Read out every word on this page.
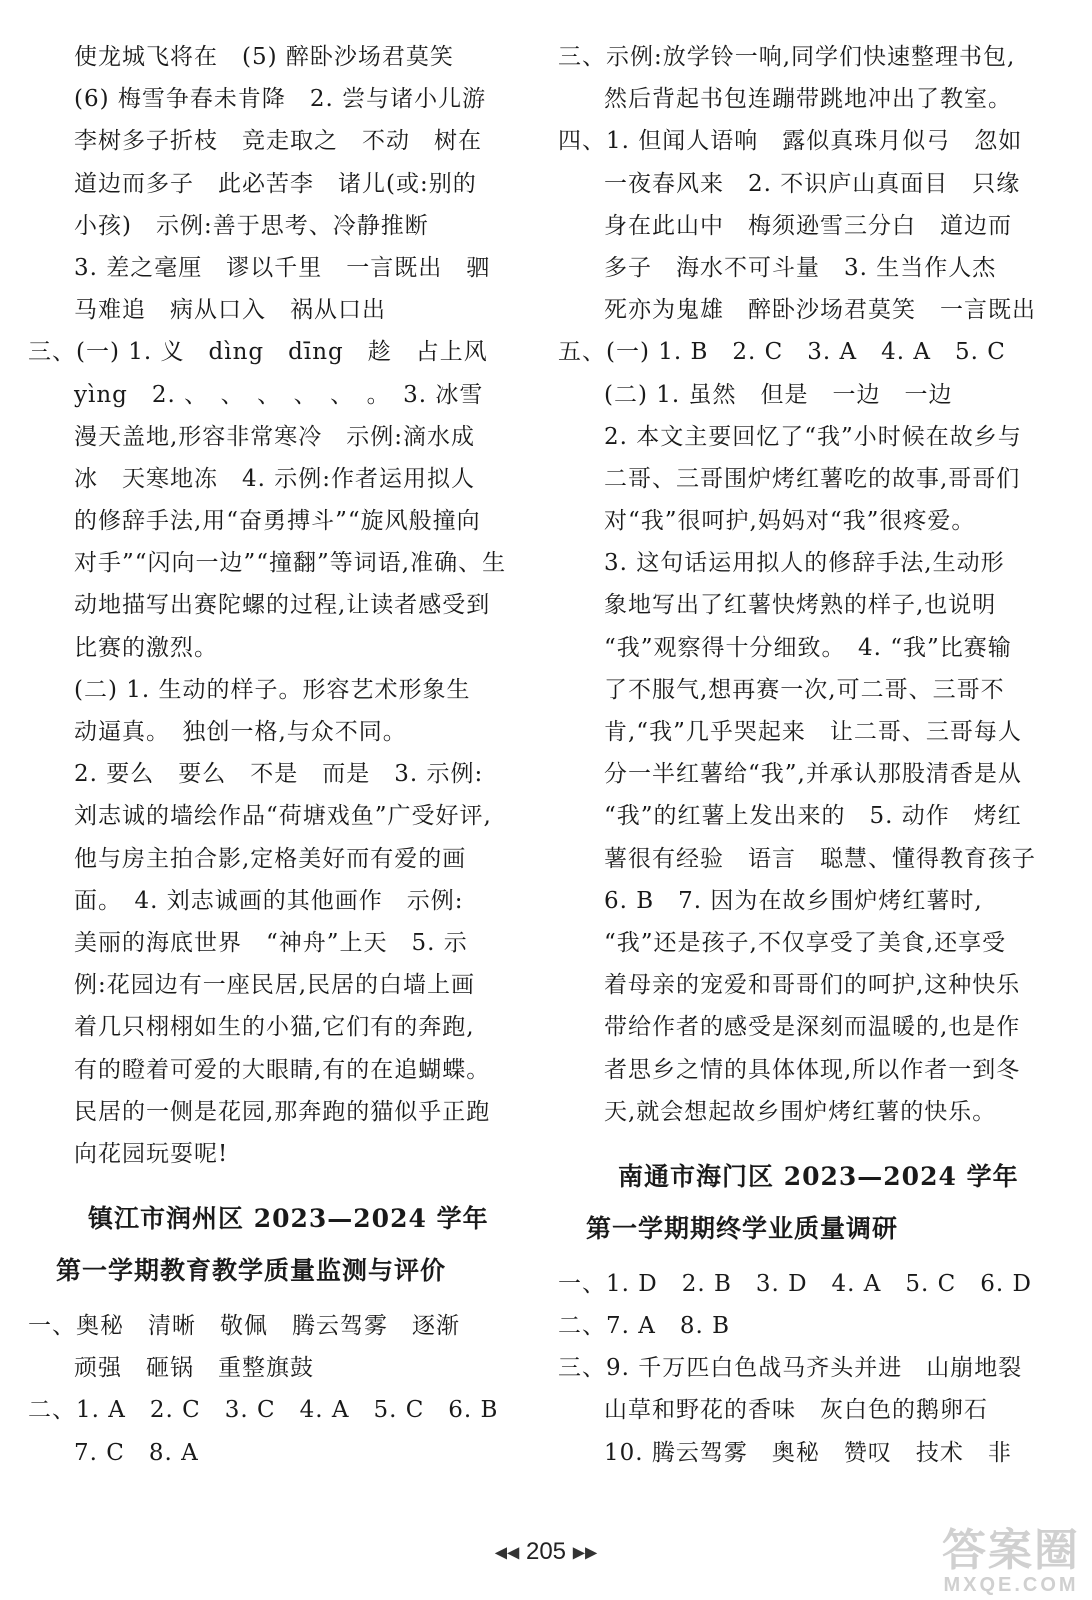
使龙城飞将在　(5) 醉卧沙场君莫笑
(6) 梅雪争春未肯降　2. 尝与诸小儿游
李树多子折枝　竞走取之　不动　树在
道边而多子　此必苦李　诸儿(或:别的
小孩)　示例:善于思考、冷静推断
3. 差之毫厘　谬以千里　一言既出　驷
马难追　病从口入　祸从口出
三、(一) 1. 义　dìng　dīng　趁　占上风
yìng　2. 、　、　、　、　、　。　3. 冰雪
漫天盖地,形容非常寒冷　示例:滴水成
冰　天寒地冻　4. 示例:作者运用拟人
的修辞手法,用“奋勇搏斗”“旋风般撞向
对手”“闪向一边”“撞翻”等词语,准确、生
动地描写出赛陀螺的过程,让读者感受到
比赛的激烈。
(二) 1. 生动的样子。形容艺术形象生
动逼真。　独创一格,与众不同。
2. 要么　要么　不是　而是　3. 示例:
刘志诚的墙绘作品“荷塘戏鱼”广受好评,
他与房主拍合影,定格美好而有爱的画
面。　4. 刘志诚画的其他画作　示例:
美丽的海底世界　“神舟”上天　5. 示
例:花园边有一座民居,民居的白墙上画
着几只栩栩如生的小猫,它们有的奔跑,
有的瞪着可爱的大眼睛,有的在追蝴蝶。
民居的一侧是花园,那奔跑的猫似乎正跑
向花园玩耍呢!
镇江市润州区 2023—2024 学年
第一学期教育教学质量监测与评价
一、奥秘　清晰　敬佩　腾云驾雾　逐渐
顽强　砸锅　重整旗鼓
二、1. A　2. C　3. C　4. A　5. C　6. B
7. C　8. A
三、示例:放学铃一响,同学们快速整理书包,
然后背起书包连蹦带跳地冲出了教室。
四、1. 但闻人语响　露似真珠月似弓　忽如
一夜春风来　2. 不识庐山真面目　只缘
身在此山中　梅须逊雪三分白　道边而
多子　海水不可斗量　3. 生当作人杰
死亦为鬼雄　醉卧沙场君莫笑　一言既出
五、(一) 1. B　2. C　3. A　4. A　5. C
(二) 1. 虽然　但是　一边　一边
2. 本文主要回忆了“我”小时候在故乡与
二哥、三哥围炉烤红薯吃的故事,哥哥们
对“我”很呵护,妈妈对“我”很疼爱。
3. 这句话运用拟人的修辞手法,生动形
象地写出了红薯快烤熟的样子,也说明
“我”观察得十分细致。　4. “我”比赛输
了不服气,想再赛一次,可二哥、三哥不
肯,“我”几乎哭起来　让二哥、三哥每人
分一半红薯给“我”,并承认那股清香是从
“我”的红薯上发出来的　5. 动作　烤红
薯很有经验　语言　聪慧、懂得教育孩子
6. B　7. 因为在故乡围炉烤红薯时,
“我”还是孩子,不仅享受了美食,还享受
着母亲的宠爱和哥哥们的呵护,这种快乐
带给作者的感受是深刻而温暖的,也是作
者思乡之情的具体体现,所以作者一到冬
天,就会想起故乡围炉烤红薯的快乐。
南通市海门区 2023—2024 学年
第一学期期终学业质量调研
一、1. D　2. B　3. D　4. A　5. C　6. D
二、7. A　8. B
三、9. 千万匹白色战马齐头并进　山崩地裂
山草和野花的香味　灰白色的鹅卵石
10. 腾云驾雾　奥秘　赞叹　技术　非
◀◀ 205 ▶▶	答案圈
MXQE.COM
